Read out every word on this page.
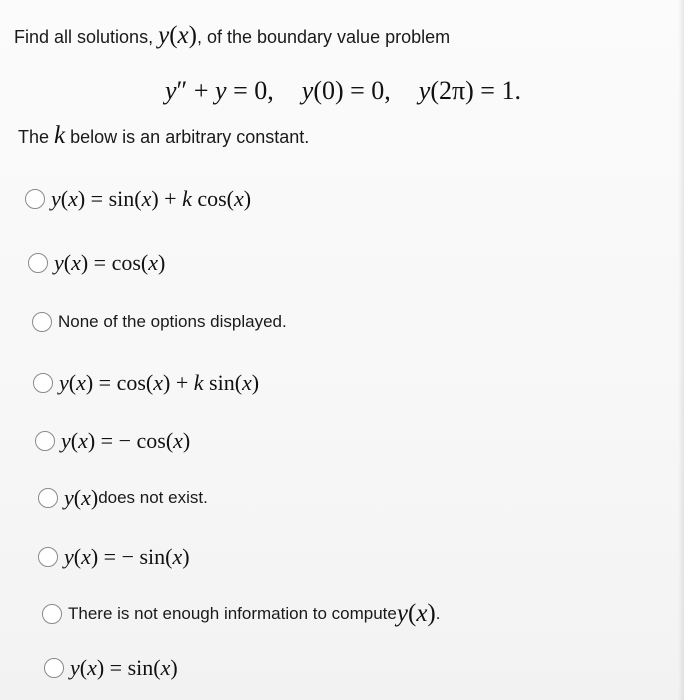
Find all solutions, y(x), of the boundary value problem
y″ + y = 0, y(0) = 0, y(2π) = 1.
The k below is an arbitrary constant.
y(x) = sin(x) + k cos(x)
y(x) = cos(x)
None of the options displayed.
y(x) = cos(x) + k sin(x)
y(x) = − cos(x)
y(x) does not exist.
y(x) = − sin(x)
There is not enough information to compute y(x) .
y(x) = sin(x)
